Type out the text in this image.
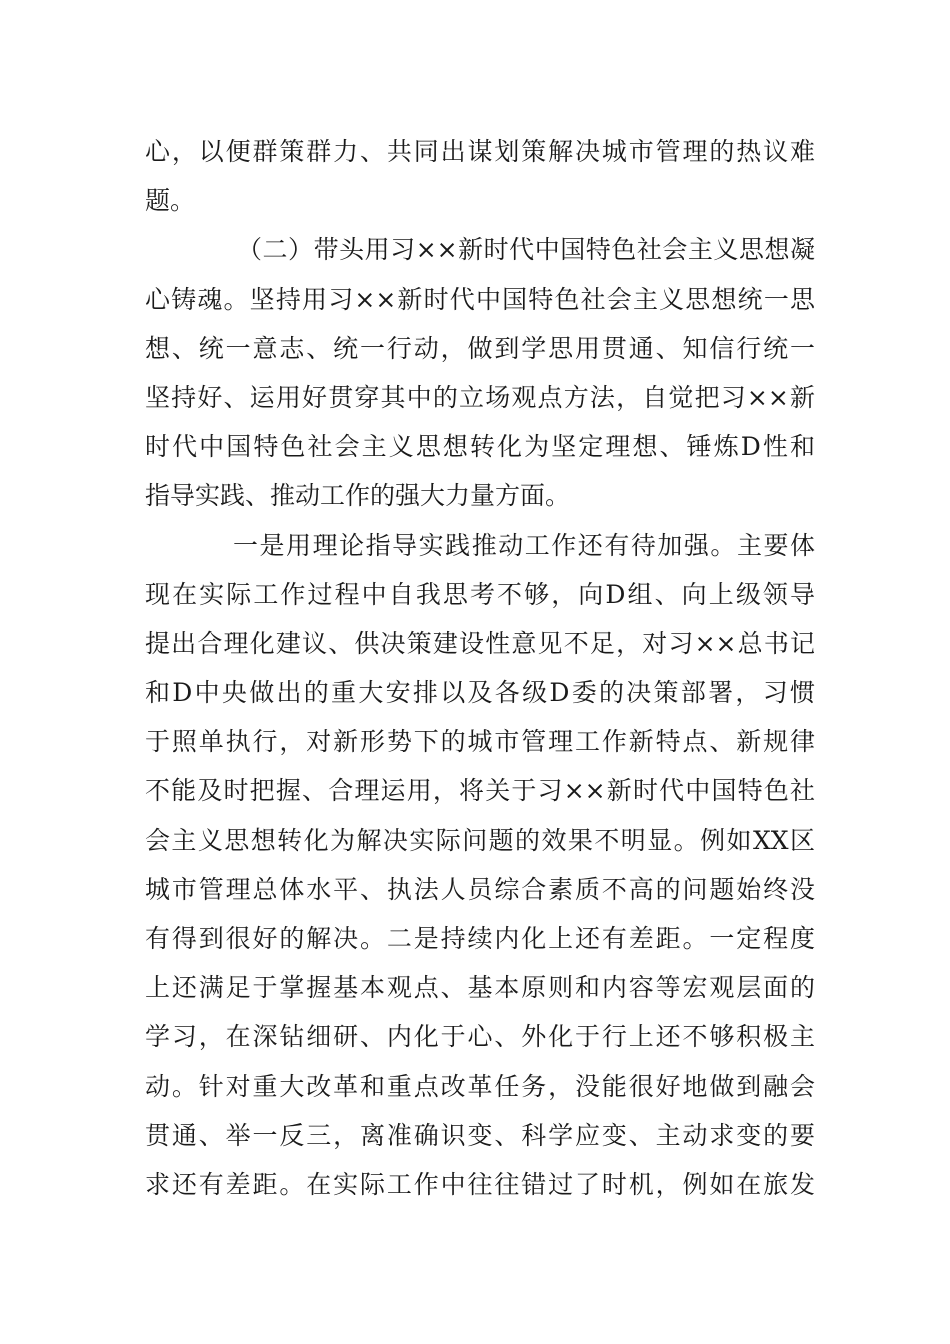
心，以便群策群力、共同出谋划策解决城市管理的热议难
题。
（二）带头用习××新时代中国特色社会主义思想凝
心铸魂。坚持用习××新时代中国特色社会主义思想统一思
想、统一意志、统一行动，做到学思用贯通、知信行统一
坚持好、运用好贯穿其中的立场观点方法，自觉把习××新
时代中国特色社会主义思想转化为坚定理想、锤炼D性和
指导实践、推动工作的强大力量方面。
一是用理论指导实践推动工作还有待加强。主要体
现在实际工作过程中自我思考不够，向D组、向上级领导
提出合理化建议、供决策建设性意见不足，对习××总书记
和D中央做出的重大安排以及各级D委的决策部署，习惯
于照单执行，对新形势下的城市管理工作新特点、新规律
不能及时把握、合理运用，将关于习××新时代中国特色社
会主义思想转化为解决实际问题的效果不明显。例如XX区
城市管理总体水平、执法人员综合素质不高的问题始终没
有得到很好的解决。二是持续内化上还有差距。一定程度
上还满足于掌握基本观点、基本原则和内容等宏观层面的
学习，在深钻细研、内化于心、外化于行上还不够积极主
动。针对重大改革和重点改革任务，没能很好地做到融会
贯通、举一反三，离准确识变、科学应变、主动求变的要
求还有差距。在实际工作中往往错过了时机，例如在旅发
